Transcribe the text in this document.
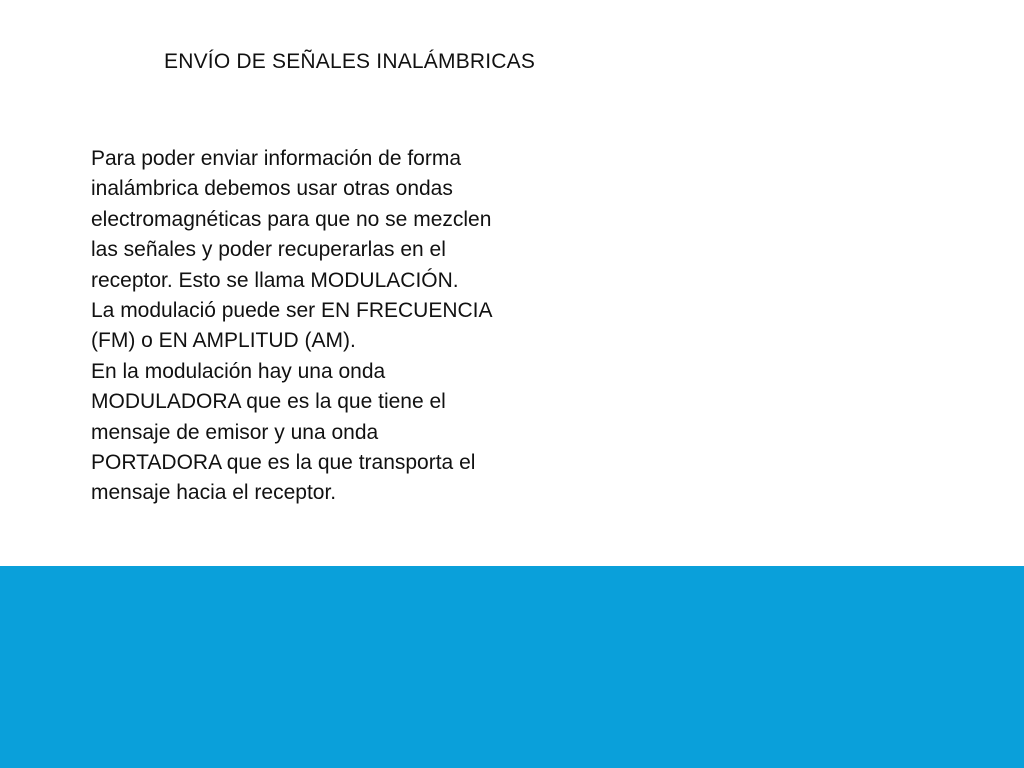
ENVÍO DE SEÑALES INALÁMBRICAS
Para poder enviar información de forma
inalámbrica debemos usar otras ondas
electromagnéticas para que no se mezclen
las señales y poder recuperarlas en el
receptor. Esto se llama MODULACIÓN.
La modulació puede ser EN FRECUENCIA
(FM) o EN AMPLITUD (AM).
En la modulación hay una onda
MODULADORA que es la que tiene el
mensaje de emisor y una onda
PORTADORA que es la que transporta el
mensaje hacia el receptor.
